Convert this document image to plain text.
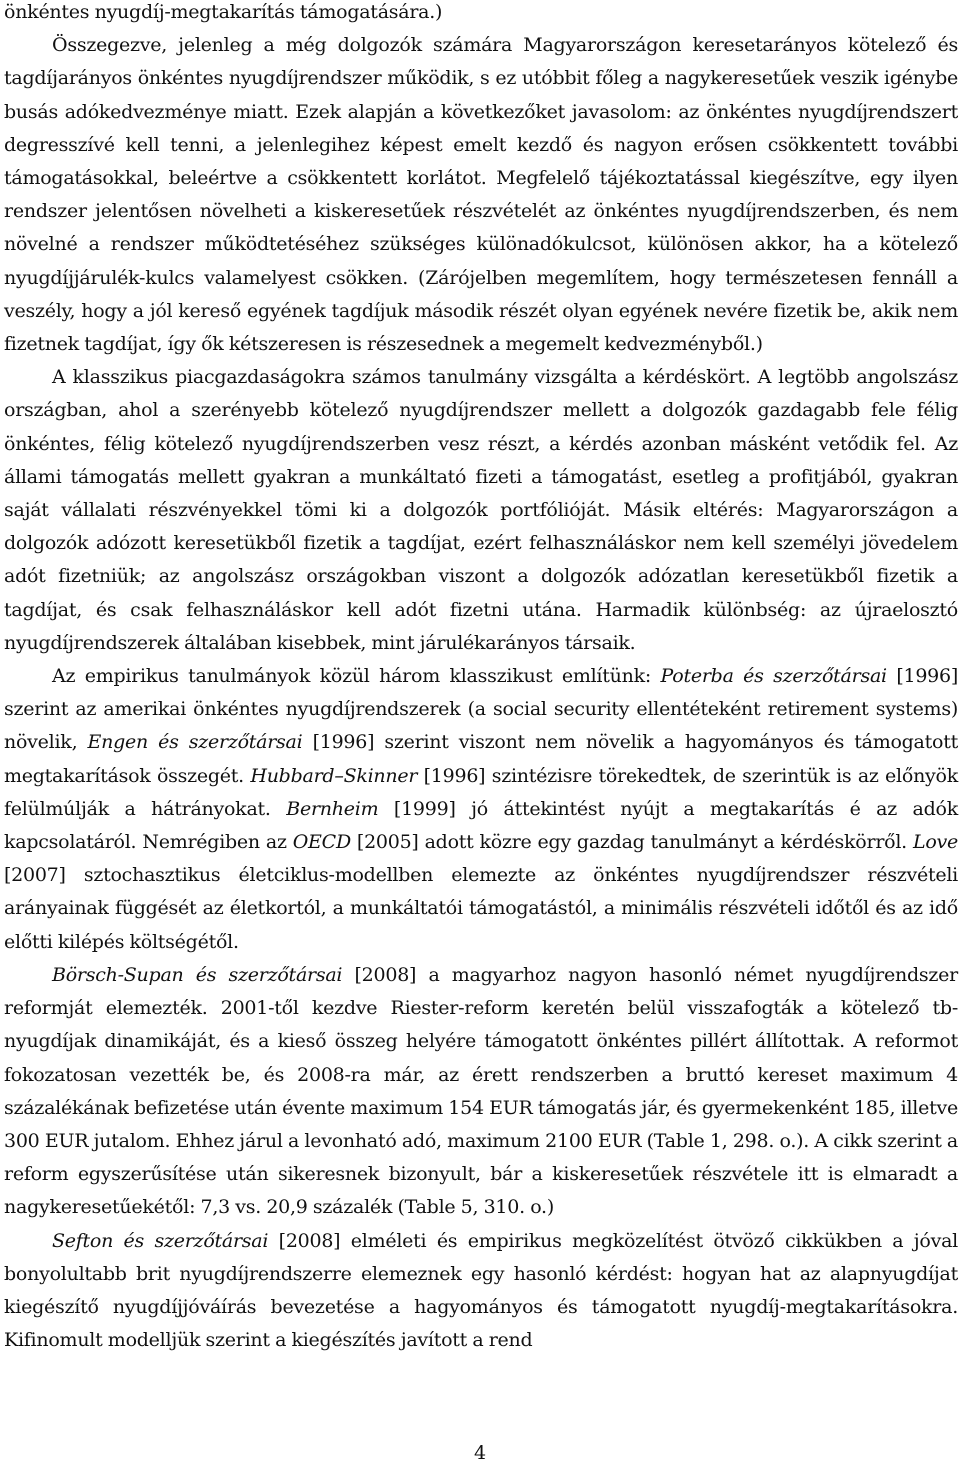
önkéntes nyugdíj-megtakarítás támogatására.)

Összegezve, jelenleg a még dolgozók számára Magyarországon keresetarányos kötelező és tagdíjarányos önkéntes nyugdíjrendszer működik, s ez utóbbit főleg a nagykeresetűek veszik igénybe busás adókedvezménye miatt. Ezek alapján a következőket javasolom: az önkéntes nyugdíjrendszert degresszívé kell tenni, a jelenlegihez képest emelt kezdő és nagyon erősen csökkentett további támogatásokkal, beleértve a csökkentett korlátot. Megfelelő tájékoztatással kiegészítve, egy ilyen rendszer jelentősen növelheti a kiskeresetűek részvételét az önkéntes nyugdíjrendszerben, és nem növelné a rendszer működtetéséhez szükséges különadókulcsot, különösen akkor, ha a kötelező nyugdíjjárulék-kulcs valamelyest csökken. (Zárójelben megemlítem, hogy természetesen fennáll a veszély, hogy a jól kereső egyének tagdíjuk második részét olyan egyének nevére fizetik be, akik nem fizetnek tagdíjat, így ők kétszeresen is részesednek a megemelt kedvezményből.)

A klasszikus piacgazdaságokra számos tanulmány vizsgálta a kérdéskört. A legtöbb angolszász országban, ahol a szerényebb kötelező nyugdíjrendszer mellett a dolgozók gazdagabb fele félig önkéntes, félig kötelező nyugdíjrendszerben vesz részt, a kérdés azonban másként vetődik fel. Az állami támogatás mellett gyakran a munkáltató fizeti a támogatást, esetleg a profitjából, gyakran saját vállalati részvényekkel tömi ki a dolgozók portfólióját. Másik eltérés: Magyarországon a dolgozók adózott keresetükből fizetik a tagdíjat, ezért felhasználáskor nem kell személyi jövedelem adót fizetniük; az angolszász országokban viszont a dolgozók adózatlan keresetükből fizetik a tagdíjat, és csak felhasználáskor kell adót fizetni utána. Harmadik különbség: az újraelosztó nyugdíjrendszerek általában kisebbek, mint járulékarányos társaik.

Az empirikus tanulmányok közül három klasszikust említünk: Poterba és szerzőtársai [1996] szerint az amerikai önkéntes nyugdíjrendszerek (a social security ellentéteként retirement systems) növelik, Engen és szerzőtársai [1996] szerint viszont nem növelik a hagyományos és támogatott megtakarítások összegét. Hubbard–Skinner [1996] szintézisre törekedtek, de szerintük is az előnyök felülmúlják a hátrányokat. Bernheim [1999] jó áttekintést nyújt a megtakarítás é az adók kapcsolatáról. Nemrégiben az OECD [2005] adott közre egy gazdag tanulmányt a kérdéskörről. Love [2007] sztochasztikus életciklus-modellben elemezte az önkéntes nyugdíjrendszer részvételi arányainak függését az életkortól, a munkáltatói támogatástól, a minimális részvételi időtől és az idő előtti kilépés költségétől.

Börsch-Supan és szerzőtársai [2008] a magyarhoz nagyon hasonló német nyugdíjrendszer reformját elemezték. 2001-től kezdve Riester-reform keretén belül visszafogták a kötelező tb-nyugdíjak dinamikáját, és a kieső összeg helyére támogatott önkéntes pillért állítottak. A reformot fokozatosan vezették be, és 2008-ra már, az érett rendszerben a bruttó kereset maximum 4 százalékának befizetése után évente maximum 154 EUR támogatás jár, és gyermekenként 185, illetve 300 EUR jutalom. Ehhez járul a levonható adó, maximum 2100 EUR (Table 1, 298. o.). A cikk szerint a reform egyszerűsítése után sikeresnek bizonyult, bár a kiskeresetűek részvétele itt is elmaradt a nagykeresetűekétől: 7,3 vs. 20,9 százalék (Table 5, 310. o.)

Sefton és szerzőtársai [2008] elméleti és empirikus megközelítést ötvöző cikkükben a jóval bonyolultabb brit nyugdíjrendszerre elemeznek egy hasonló kérdést: hogyan hat az alapnyugdíjat kiegészítő nyugdíjjóváírás bevezetése a hagyományos és támogatott nyugdíj-megtakarításokra. Kifinomult modelljük szerint a kiegészítés javított a rend

4
